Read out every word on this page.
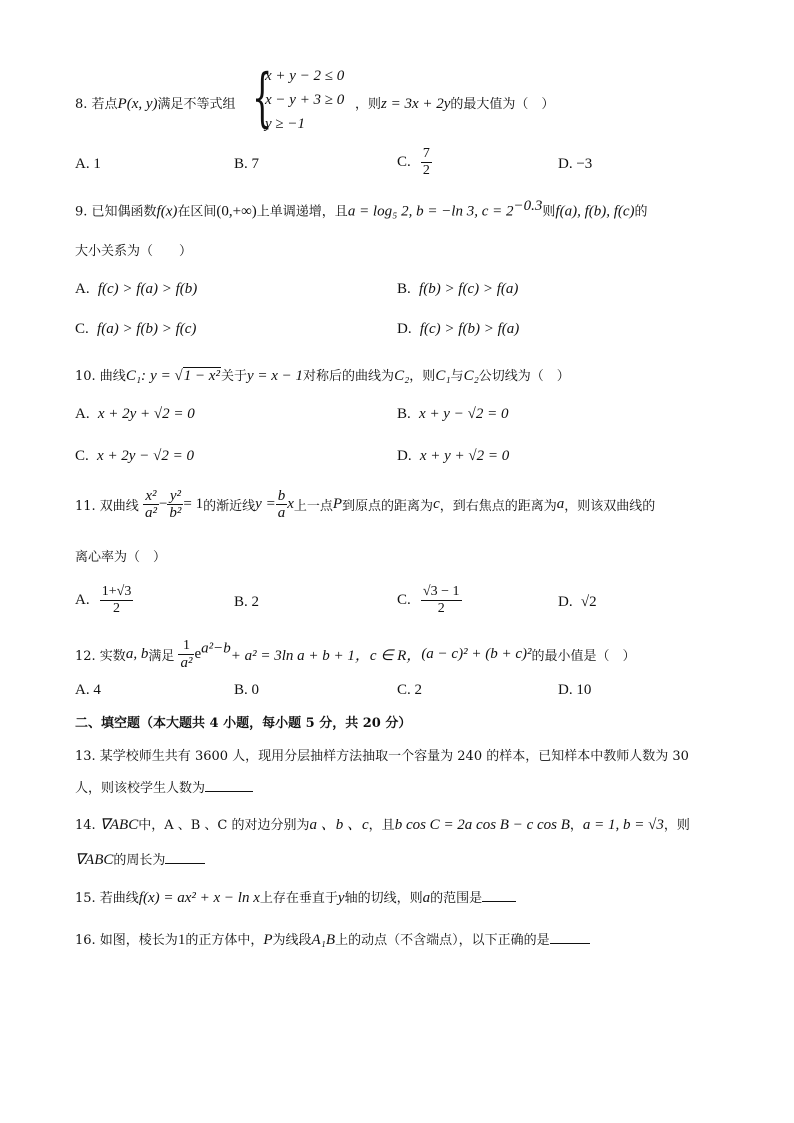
8. 若点P(x, y)满足不等式组 {
x + y − 2 ≤ 0
x − y + 3 ≥ 0
y ≥ −1
，则z = 3x + 2y的最大值为（　）
A. 1	B. 7	C. $\frac{7}{2}$	D. −3
9. 已知偶函数f(x)在区间(0,+∞)上单调递增，且a = log₅ 2, b = −ln 3, $c = 2^{-0.3}$则f(a), f(b), f(c)的
大小关系为（　　）
A. f(c) > f(a) > f(b)	B. f(b) > f(c) > f(a)
C. f(a) > f(b) > f(c)	D. f(c) > f(b) > f(a)
10. 曲线C₁: y = √1 − x²关于y = x − 1对称后的曲线为C₂，则C₁与C₂公切线为（　）
A. x + 2y + √2 = 0	B. x + y − √2 = 0
C. x + 2y − √2 = 0	D. x + y + √2 = 0
11. 双曲线 $\frac{\text{x²}}{\text{a²}} - \frac{\text{y²}}{\text{b²}} = 1$的渐近线$y = \frac{b}{a}$ x上一点P到原点的距离为c，到右焦点的距离为a，则该双曲线的
离心率为（　）
A. $\frac{1+√3}{2}$	B. 2	C. $\frac{√3 - 1}{2}$	D. √2
12. 实数a, b满足 $\frac{1}{\text{a²}} e^{a^2-b}+ a^2 = 3\ln$ a + b + 1，c ∈ R，(a − c)² + (b + c)²的最小值是（　）
A. 4	B. 0	C. 2	D. 10
二、填空题（本大题共 4 小题，每小题 5 分，共 20 分）
13. 某学校师生共有 3600 人，现用分层抽样方法抽取一个容量为 240 的样本，已知样本中教师人数为 30
人，则该校学生人数为
14. ∇ABC中，A 、B 、C 的对边分别为a 、b 、c，且b cos C = 2a cos B − c cos B，a = 1, b = √3，则
∇ABC的周长为
15. 若曲线f(x) = ax² + x − ln x上存在垂直于y轴的切线，则a的范围是
16. 如图，棱长为1的正方体中，P为线段A₁B上的动点（不含端点），以下正确的是
